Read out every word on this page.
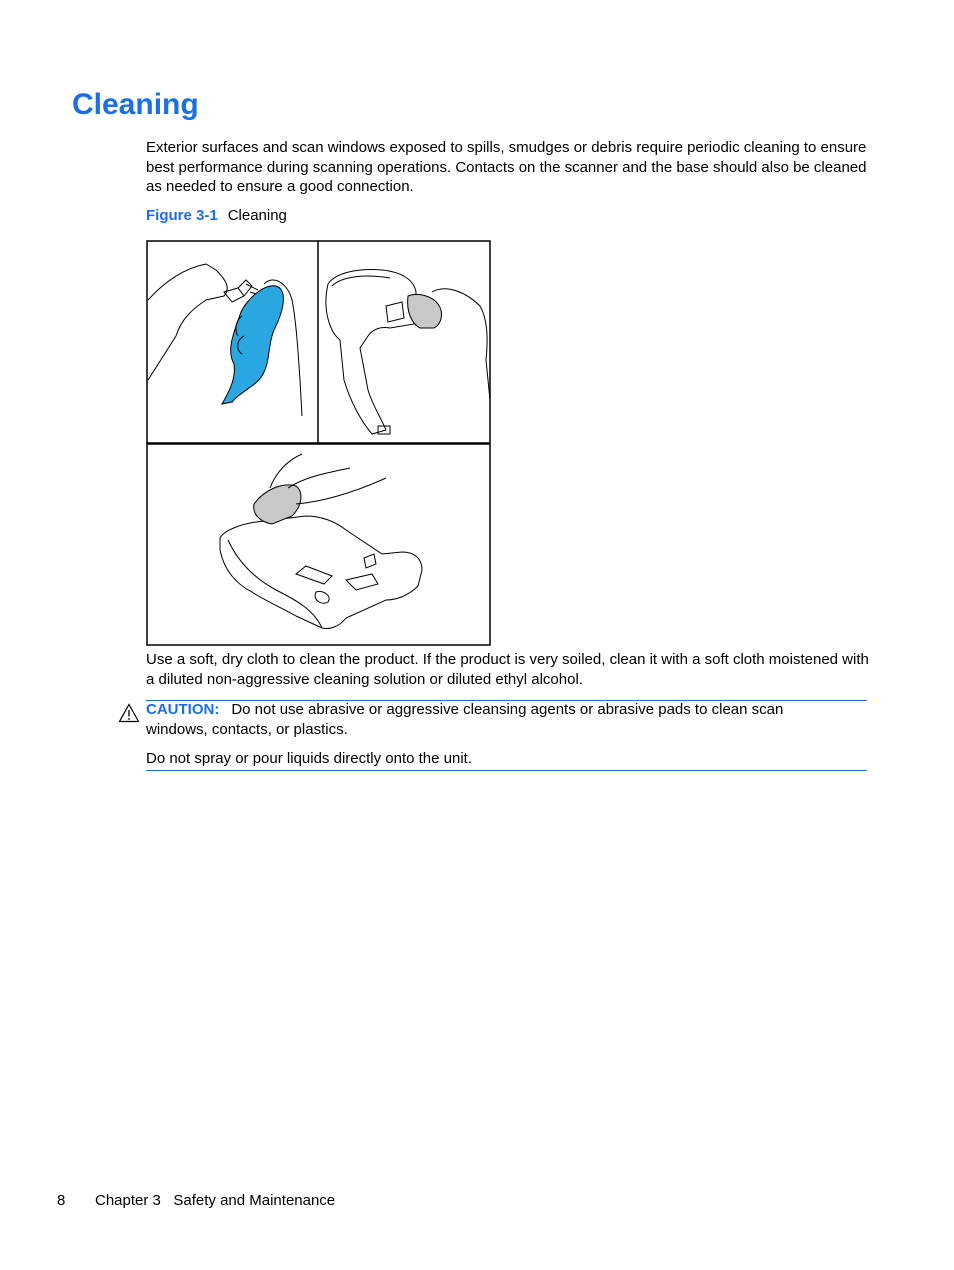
Cleaning

Exterior surfaces and scan windows exposed to spills, smudges or debris require periodic cleaning to ensure best performance during scanning operations. Contacts on the scanner and the base should also be cleaned as needed to ensure a good connection.

Figure 3-1 Cleaning

Use a soft, dry cloth to clean the product. If the product is very soiled, clean it with a soft cloth moistened with a diluted non-aggressive cleaning solution or diluted ethyl alcohol.

CAUTION: Do not use abrasive or aggressive cleansing agents or abrasive pads to clean scan windows, contacts, or plastics.

Do not spray or pour liquids directly onto the unit.

8 Chapter 3   Safety and Maintenance
